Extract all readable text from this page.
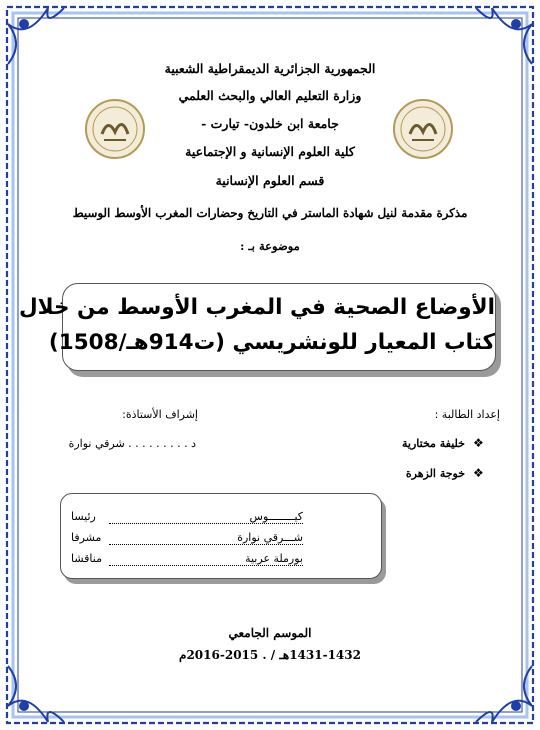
الجمهورية الجزائرية الديمقراطية الشعبية
وزارة التعليم العالي والبحث العلمي
جامعة ابن خلدون- تيارت -
كلية العلوم الإنسانية و الإجتماعية
قسم العلوم الإنسانية
مذكرة مقدمة لنيل شهادة الماستر في التاريخ وحضارات المغرب الأوسط الوسيط
موضوعة بـ :
الأوضاع الصحية في المغرب الأوسط من خلال
كتاب المعيار للونشريسي (ت914هـ/1508)
إعداد الطالبة :
إشراف الأستاذة:
❖
خليفة مختارية
❖
خوجة الزهرة
د . . . . . . . . . شرقي نوارة
كيــــــــوس
رئيسا
شـــرقي نوارة
مشرفا
بورملة عربية
مناقشا
الموسم الجامعي
1431-1432هـ / . 2015-2016م
